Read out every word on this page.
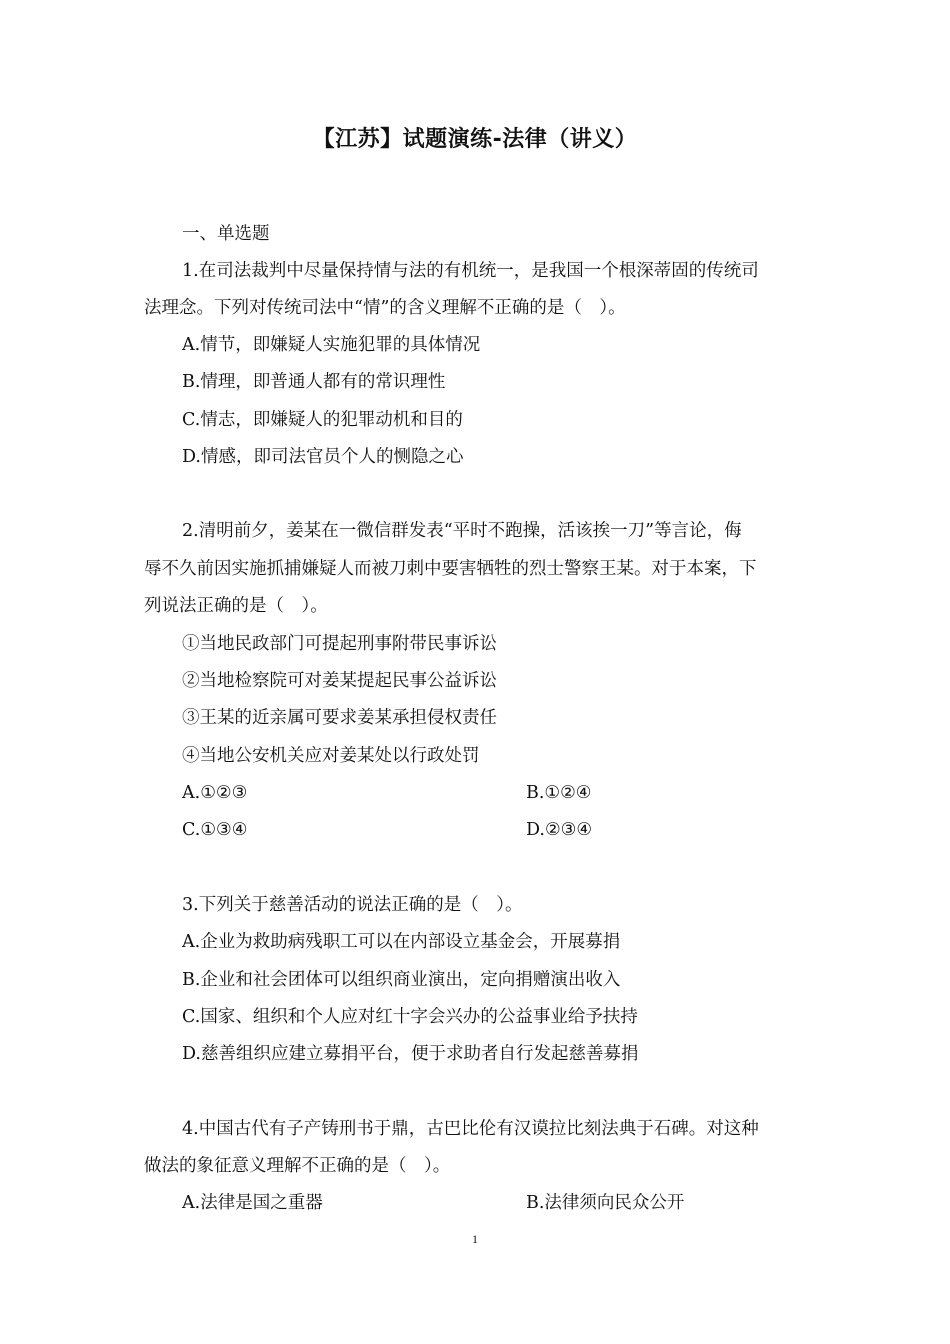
【江苏】试题演练-法律（讲义）
一、单选题
1.在司法裁判中尽量保持情与法的有机统一，是我国一个根深蒂固的传统司
法理念。下列对传统司法中“情”的含义理解不正确的是（　）。
A.情节，即嫌疑人实施犯罪的具体情况
B.情理，即普通人都有的常识理性
C.情志，即嫌疑人的犯罪动机和目的
D.情感，即司法官员个人的恻隐之心
2.清明前夕，姜某在一微信群发表“平时不跑操，活该挨一刀”等言论，侮
辱不久前因实施抓捕嫌疑人而被刀刺中要害牺牲的烈士警察王某。对于本案，下
列说法正确的是（　）。
①当地民政部门可提起刑事附带民事诉讼
②当地检察院可对姜某提起民事公益诉讼
③王某的近亲属可要求姜某承担侵权责任
④当地公安机关应对姜某处以行政处罚
A.①②③	B.①②④
C.①③④	D.②③④
3.下列关于慈善活动的说法正确的是（　）。
A.企业为救助病残职工可以在内部设立基金会，开展募捐
B.企业和社会团体可以组织商业演出，定向捐赠演出收入
C.国家、组织和个人应对红十字会兴办的公益事业给予扶持
D.慈善组织应建立募捐平台，便于求助者自行发起慈善募捐
4.中国古代有子产铸刑书于鼎，古巴比伦有汉谟拉比刻法典于石碑。对这种
做法的象征意义理解不正确的是（　）。
A.法律是国之重器	B.法律须向民众公开
1
